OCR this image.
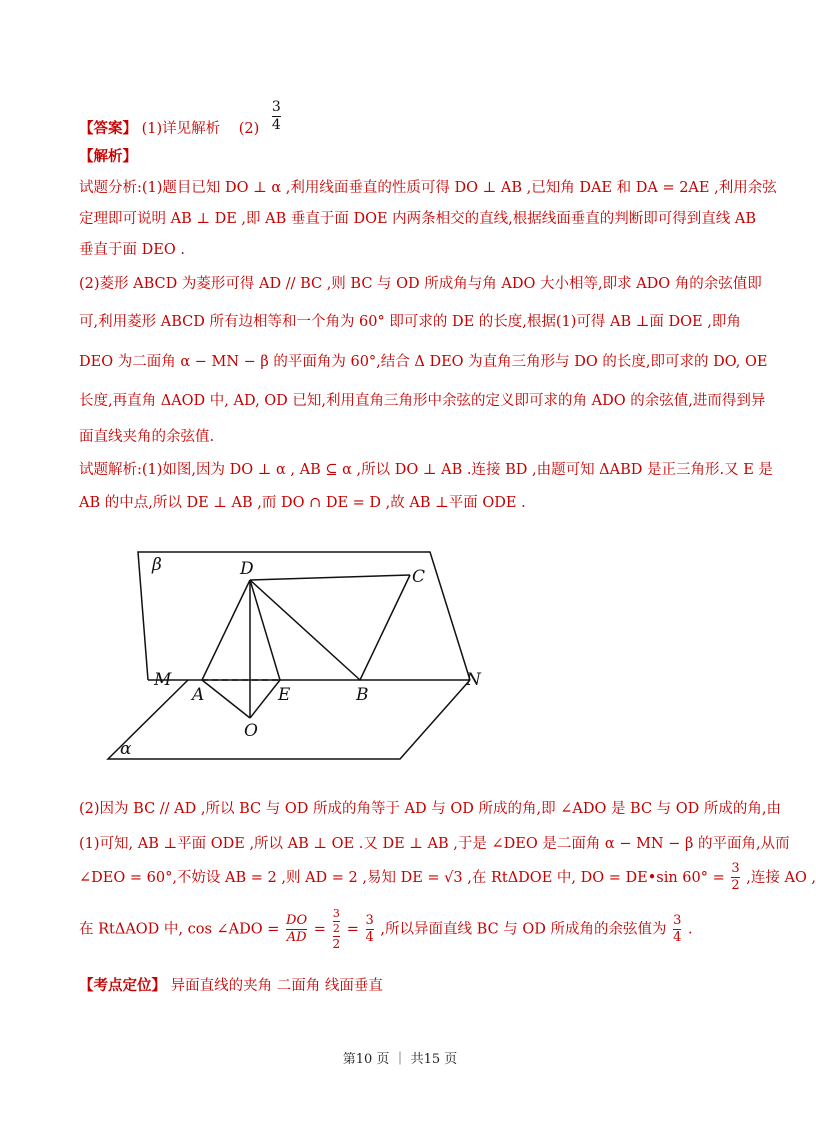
【答案】 (1)详见解析 $(2) \frac{3}{4}$
【解析】
试题分析:(1)题目已知 DO ⊥ α ,利用线面垂直的性质可得 DO ⊥ AB ,已知角 DAE 和 DA = 2AE ,利用余弦
定理即可说明 AB ⊥ DE ,即 AB 垂直于面 DOE 内两条相交的直线,根据线面垂直的判断即可得到直线 AB
垂直于面 DEO .
(2)菱形 ABCD 为菱形可得 AD // BC ,则 BC 与 OD 所成角与角 ADO 大小相等,即求 ADO 角的余弦值即
可,利用菱形 ABCD 所有边相等和一个角为 60° 即可求的 DE 的长度,根据(1)可得 AB ⊥面 DOE ,即角
DEO 为二面角 α − MN − β 的平面角为 60°,结合 Δ DEO 为直角三角形与 DO 的长度,即可求的 DO, OE
长度,再直角 ΔAOD 中, AD, OD 已知,利用直角三角形中余弦的定义即可求的角 ADO 的余弦值,进而得到异
面直线夹角的余弦值.
试题解析:(1)如图,因为 DO ⊥ α , AB ⊆ α ,所以 DO ⊥ AB .连接 BD ,由题可知 ΔABD 是正三角形.又 E 是
AB 的中点,所以 DE ⊥ AB ,而 DO ∩ DE = D ,故 AB ⊥平面 ODE .
β
α
D	C
M
A	E	B
N
O
(2)因为 BC // AD ,所以 BC 与 OD 所成的角等于 AD 与 OD 所成的角,即 ∠ADO 是 BC 与 OD 所成的角,由
(1)可知, AB ⊥平面 ODE ,所以 AB ⊥ OE .又 DE ⊥ AB ,于是 ∠DEO 是二面角 α − MN − β 的平面角,从而
∠DEO = 60°,不妨设 AB = 2 ,则 AD = 2 ,易知 DE = √3 ,在 RtΔDOE 中, DO = DE•sin $60^\circ = \frac{3}{2}$ ,连接 AO ,
在 RtΔAOD 中, cos ∠ADO = $\frac{DO}{AD} = \frac{\frac{3}{2}}{2} = \frac{3}{4}$ ,所以异面直线 BC 与 OD 所成角的余弦值为 $\frac{3}{4}$ .
【考点定位】 异面直线的夹角 二面角 线面垂直
第10 页 ｜ 共15 页
